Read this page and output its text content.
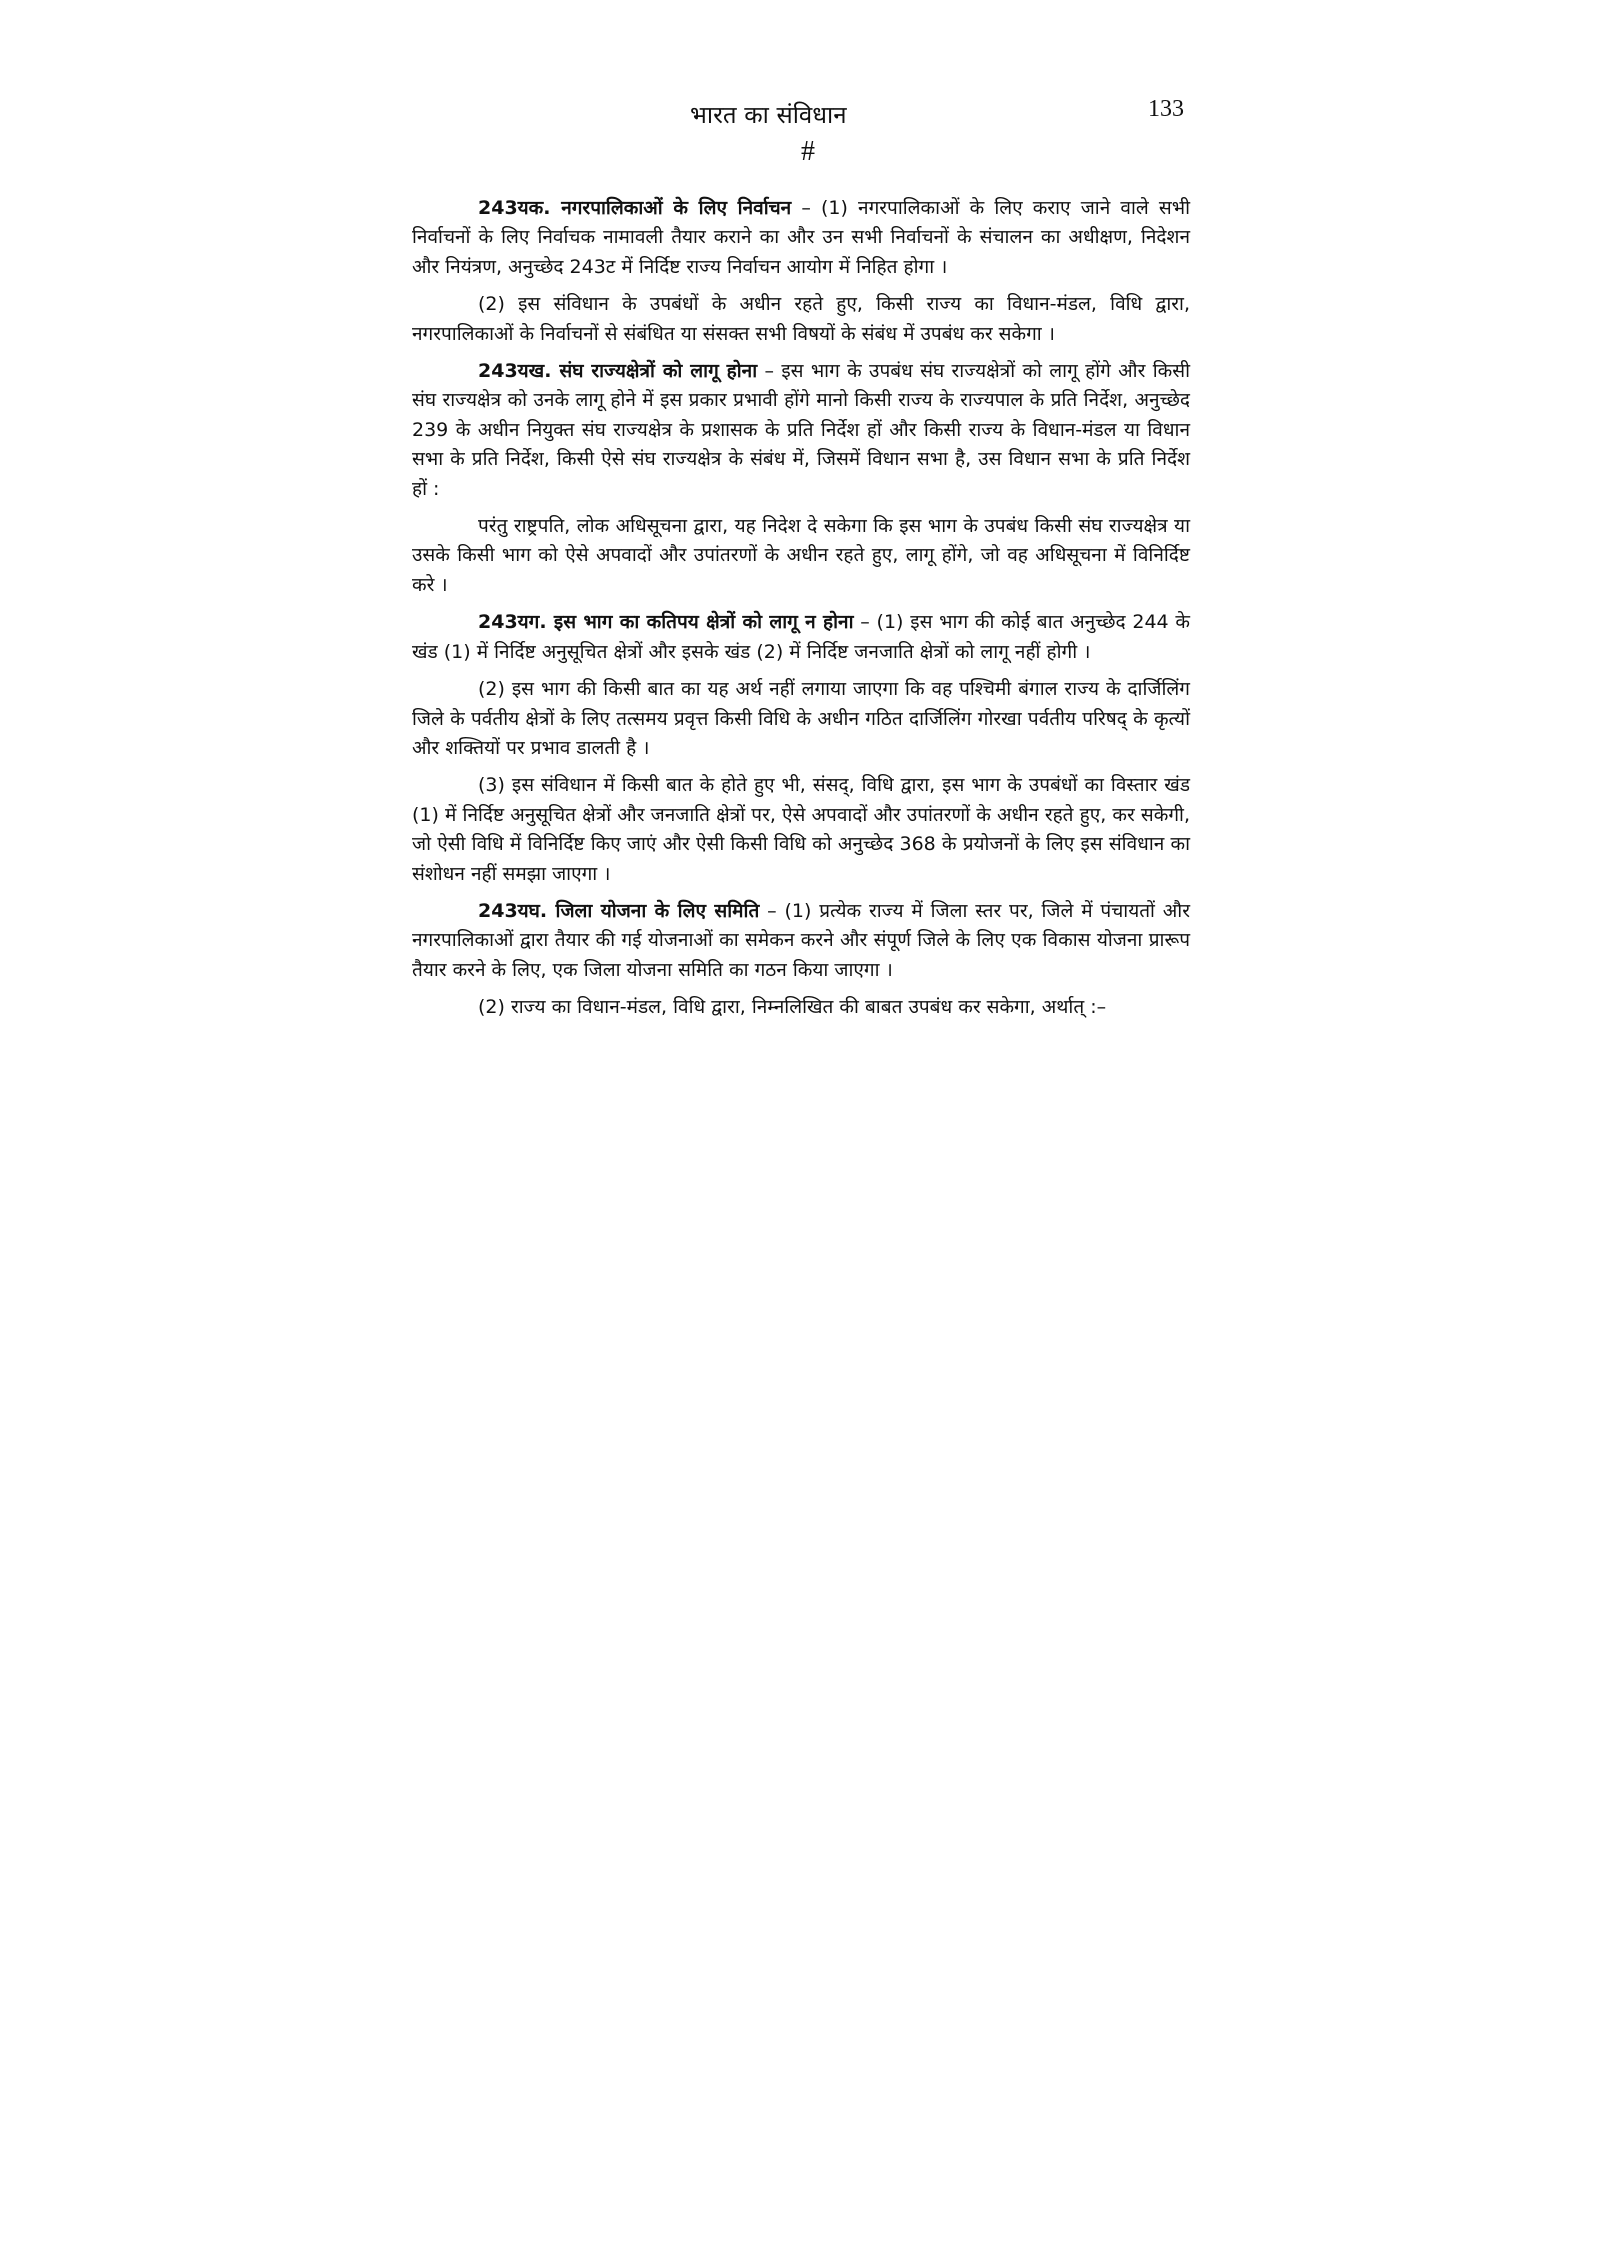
भारत का संविधान	133
#

243यक. नगरपालिकाओं के लिए निर्वाचन – (1) नगरपालिकाओं के लिए कराए जाने वाले सभी निर्वाचनों के लिए निर्वाचक नामावली तैयार कराने का और उन सभी निर्वाचनों के संचालन का अधीक्षण, निदेशन और नियंत्रण, अनुच्छेद 243ट में निर्दिष्ट राज्य निर्वाचन आयोग में निहित होगा ।

(2) इस संविधान के उपबंधों के अधीन रहते हुए, किसी राज्य का विधान-मंडल, विधि द्वारा, नगरपालिकाओं के निर्वाचनों से संबंधित या संसक्त सभी विषयों के संबंध में उपबंध कर सकेगा ।

243यख. संघ राज्यक्षेत्रों को लागू होना – इस भाग के उपबंध संघ राज्यक्षेत्रों को लागू होंगे और किसी संघ राज्यक्षेत्र को उनके लागू होने में इस प्रकार प्रभावी होंगे मानो किसी राज्य के राज्यपाल के प्रति निर्देश, अनुच्छेद 239 के अधीन नियुक्त संघ राज्यक्षेत्र के प्रशासक के प्रति निर्देश हों और किसी राज्य के विधान-मंडल या विधान सभा के प्रति निर्देश, किसी ऐसे संघ राज्यक्षेत्र के संबंध में, जिसमें विधान सभा है, उस विधान सभा के प्रति निर्देश हों :

परंतु राष्ट्रपति, लोक अधिसूचना द्वारा, यह निदेश दे सकेगा कि इस भाग के उपबंध किसी संघ राज्यक्षेत्र या उसके किसी भाग को ऐसे अपवादों और उपांतरणों के अधीन रहते हुए, लागू होंगे, जो वह अधिसूचना में विनिर्दिष्ट करे ।

243यग. इस भाग का कतिपय क्षेत्रों को लागू न होना – (1) इस भाग की कोई बात अनुच्छेद 244 के खंड (1) में निर्दिष्ट अनुसूचित क्षेत्रों और इसके खंड (2) में निर्दिष्ट जनजाति क्षेत्रों को लागू नहीं होगी ।

(2) इस भाग की किसी बात का यह अर्थ नहीं लगाया जाएगा कि वह पश्चिमी बंगाल राज्य के दार्जिलिंग जिले के पर्वतीय क्षेत्रों के लिए तत्समय प्रवृत्त किसी विधि के अधीन गठित दार्जिलिंग गोरखा पर्वतीय परिषद् के कृत्यों और शक्तियों पर प्रभाव डालती है ।

(3) इस संविधान में किसी बात के होते हुए भी, संसद्, विधि द्वारा, इस भाग के उपबंधों का विस्तार खंड (1) में निर्दिष्ट अनुसूचित क्षेत्रों और जनजाति क्षेत्रों पर, ऐसे अपवादों और उपांतरणों के अधीन रहते हुए, कर सकेगी, जो ऐसी विधि में विनिर्दिष्ट किए जाएं और ऐसी किसी विधि को अनुच्छेद 368 के प्रयोजनों के लिए इस संविधान का संशोधन नहीं समझा जाएगा ।

243यघ. जिला योजना के लिए समिति – (1) प्रत्येक राज्य में जिला स्तर पर, जिले में पंचायतों और नगरपालिकाओं द्वारा तैयार की गई योजनाओं का समेकन करने और संपूर्ण जिले के लिए एक विकास योजना प्रारूप तैयार करने के लिए, एक जिला योजना समिति का गठन किया जाएगा ।

(2) राज्य का विधान-मंडल, विधि द्वारा, निम्नलिखित की बाबत उपबंध कर सकेगा, अर्थात् :–
